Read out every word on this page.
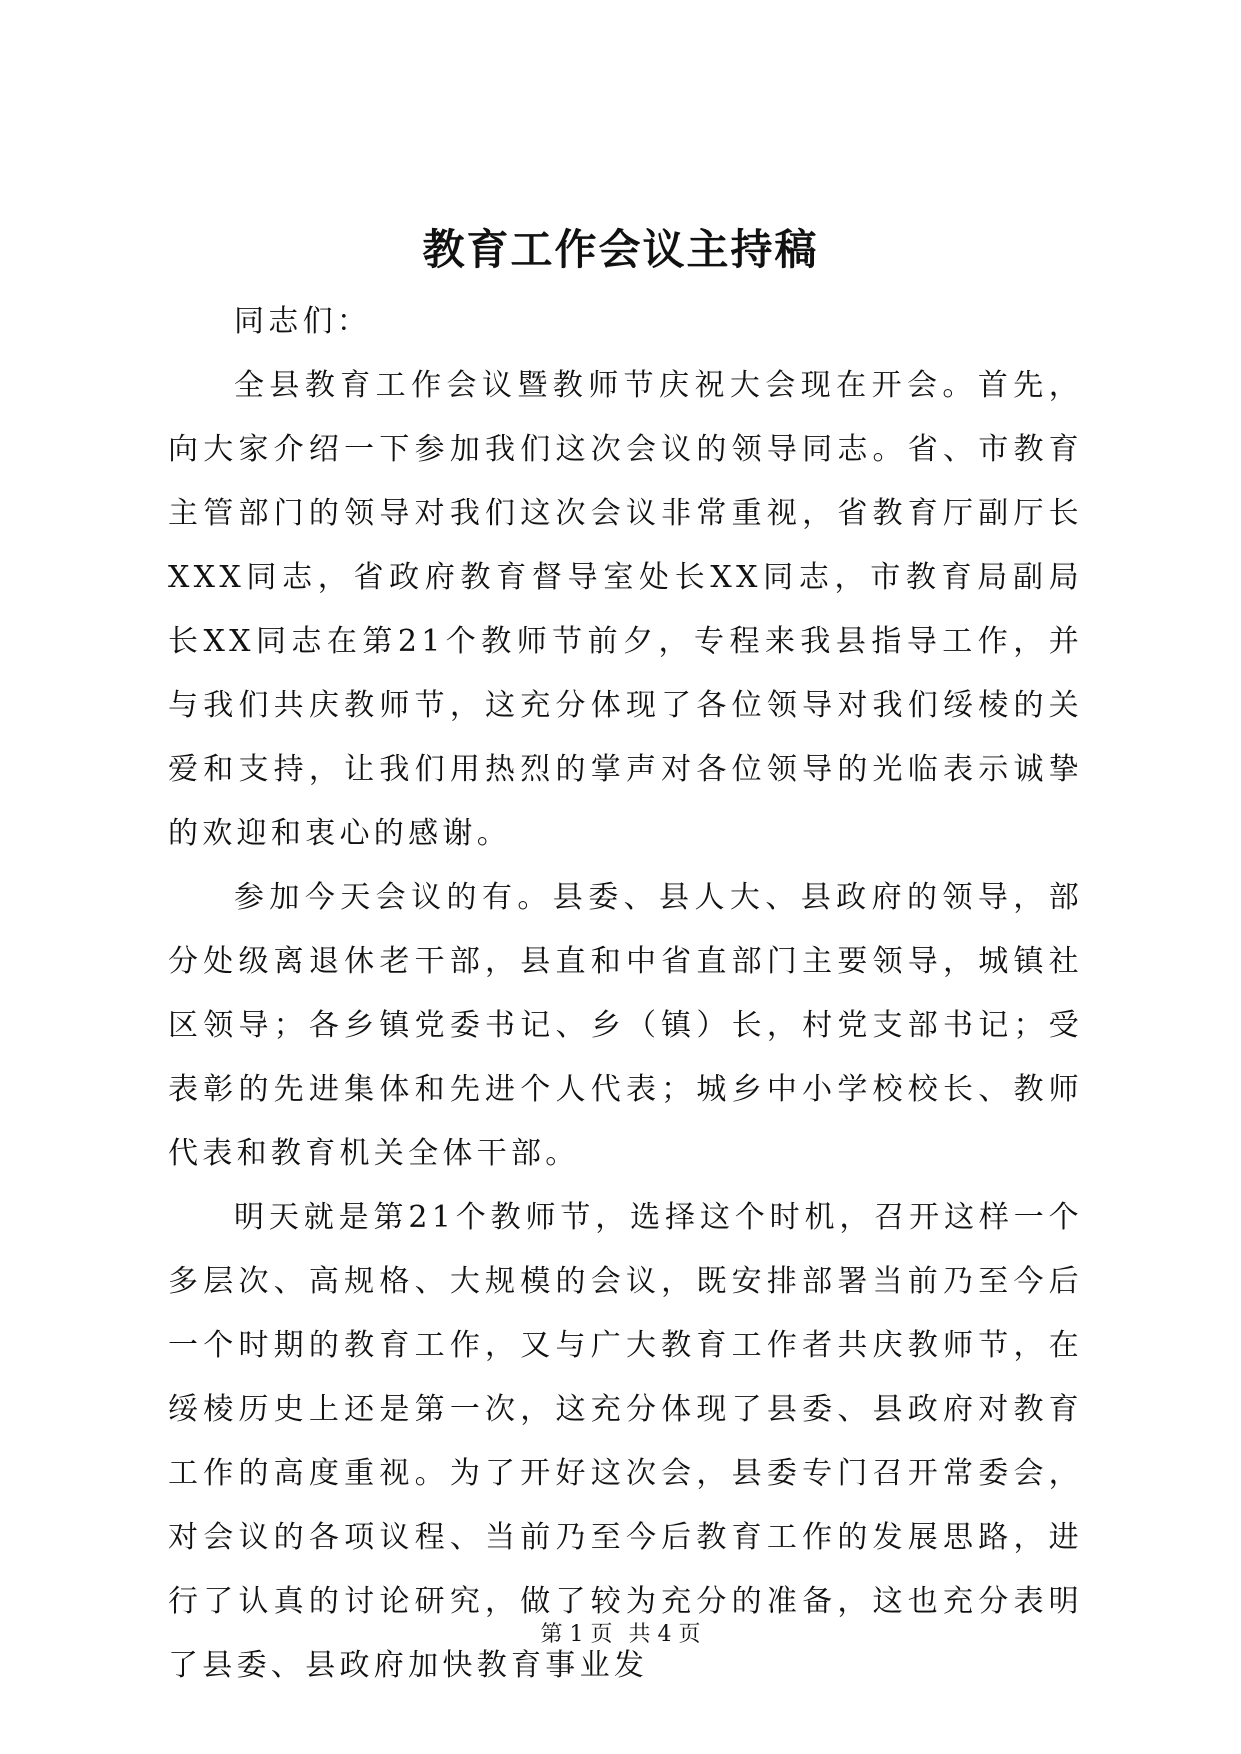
教育工作会议主持稿

同志们：

全县教育工作会议暨教师节庆祝大会现在开会。首先，向大家介绍一下参加我们这次会议的领导同志。省、市教育主管部门的领导对我们这次会议非常重视，省教育厅副厅长XXX同志，省政府教育督导室处长XX同志，市教育局副局长XX同志在第21个教师节前夕，专程来我县指导工作，并与我们共庆教师节，这充分体现了各位领导对我们绥棱的关爱和支持，让我们用热烈的掌声对各位领导的光临表示诚挚的欢迎和衷心的感谢。

参加今天会议的有。县委、县人大、县政府的领导，部分处级离退休老干部，县直和中省直部门主要领导，城镇社区领导；各乡镇党委书记、乡（镇）长，村党支部书记；受表彰的先进集体和先进个人代表；城乡中小学校校长、教师代表和教育机关全体干部。

明天就是第21个教师节，选择这个时机，召开这样一个多层次、高规格、大规模的会议，既安排部署当前乃至今后一个时期的教育工作，又与广大教育工作者共庆教师节，在绥棱历史上还是第一次，这充分体现了县委、县政府对教育工作的高度重视。为了开好这次会，县委专门召开常委会，对会议的各项议程、当前乃至今后教育工作的发展思路，进行了认真的讨论研究，做了较为充分的准备，这也充分表明了县委、县政府加快教育事业发

第 1 页 共 4 页
